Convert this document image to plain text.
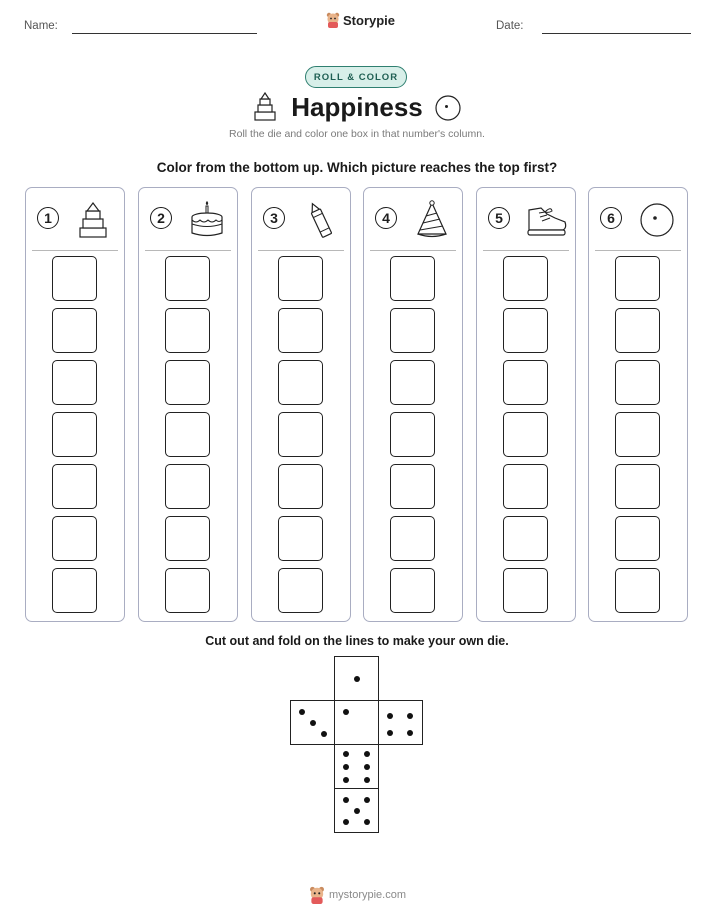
Name:	Storypie	Date:
ROLL & COLOR
Happiness
Roll the die and color one box in that number's column.
Color from the bottom up. Which picture reaches the top first?
1	2	3	4	5	6
Cut out and fold on the lines to make your own die.
mystorypie.com
